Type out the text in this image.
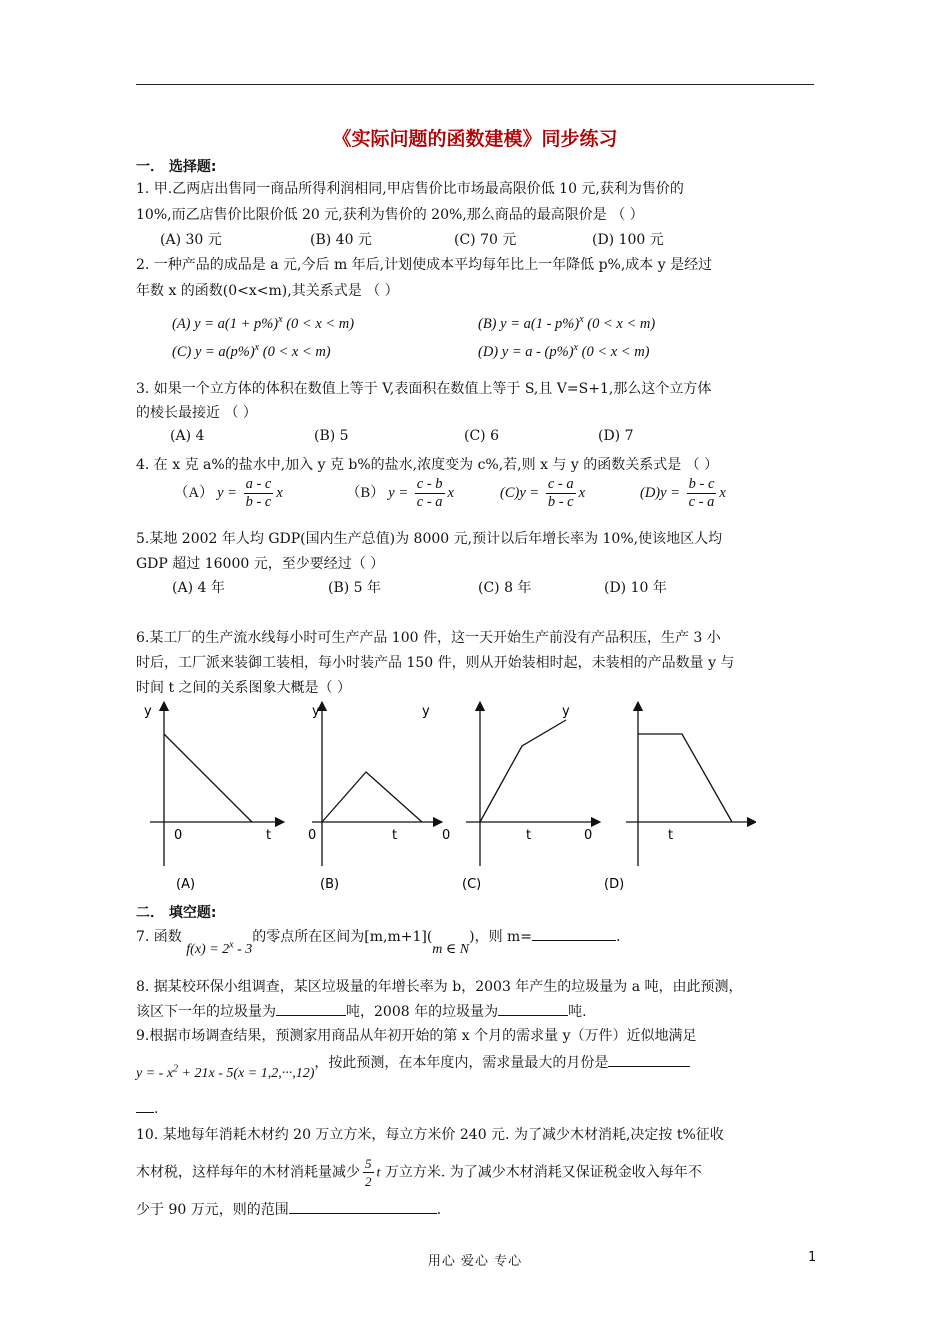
《实际问题的函数建模》同步练习
一． 选择题:
1. 甲.乙两店出售同一商品所得利润相同,甲店售价比市场最高限价低 10 元,获利为售价的
10%,而乙店售价比限价低 20 元,获利为售价的 20%,那么商品的最高限价是 （ ）
(A) 30 元	(B) 40 元	(C) 70 元	(D) 100 元
2. 一种产品的成品是 a 元,今后 m 年后,计划使成本平均每年比上一年降低 p%,成本 y 是经过
年数 x 的函数(0<x<m),其关系式是 （ ）
(A) $y = a(1 + p\%)^x$ (0 < x < m)	(B) y = a(1 - p%)$^x$ (0 < x < m)
(C) $y = a(p\%)^x$ (0 < x < m)	(D) $y = a - (p\%)^x$ (0 < x < m)
3. 如果一个立方体的体积在数值上等于 V,表面积在数值上等于 S,且 V=S+1,那么这个立方体
的棱长最接近 （ ）
(A) 4	(B) 5	(C) 6	(D) 7
4. 在 x 克 a%的盐水中,加入 y 克 b%的盐水,浓度变为 c%,若,则 x 与 y 的函数关系式是 （ ）
（A） $y = \frac{a - c}{b - c}$ x	（B） $y = \frac{c - b}{c - a}$ x	$(C)y = \frac{c - a}{b - c}$ x	$(D)y = \frac{b - c}{c - a}$ x
5.某地 2002 年人均 GDP(国内生产总值)为 8000 元,预计以后年增长率为 10%,使该地区人均
GDP 超过 16000 元，至少要经过（ ）
(A) 4 年	(B) 5 年	(C) 8 年	(D) 10 年
6.某工厂的生产流水线每小时可生产产品 100 件，这一天开始生产前没有产品积压，生产 3 小
时后，工厂派来装御工装相，每小时装产品 150 件，则从开始装相时起，未装相的产品数量 y 与
时间 t 之间的关系图象大概是（ ）
y
0	t
(A)
y
0	t
(B)
y
0	t
(C)
y
0	t
(D)
二． 填空题:
7. 函数 $f(x) = 2^x - 3$的零点所在区间为[m,m+1](m ∈ N)，则 m=	.
8. 据某校环保小组调查，某区垃圾量的年增长率为 b，2003 年产生的垃圾量为 a 吨，由此预测，
该区下一年的垃圾量为	吨，2008 年的垃圾量为	吨.
9.根据市场调查结果，预测家用商品从年初开始的第 x 个月的需求量 y（万件）近似地满足
y = - $x^2 + 21x - 5(x = 1,2,\cdot\cdot\cdot,12)$，按此预测，在本年度内，需求量最大的月份是
.
10. 某地每年消耗木材约 20 万立方米，每立方米价 240 元. 为了减少木材消耗,决定按 t%征收
木材税，这样每年的木材消耗量减少 $\frac{5}{2}$ t 万立方米. 为了减少木材消耗又保证税金收入每年不
少于 90 万元，则的范围	.
用心 爱心 专心	1
